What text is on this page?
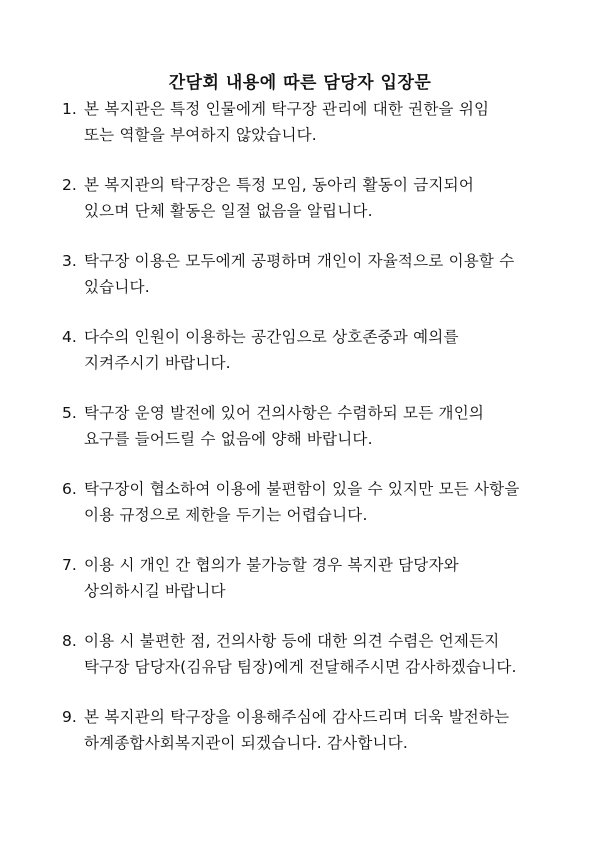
간담회 내용에 따른 담당자 입장문
1. 본 복지관은 특정 인물에게 탁구장 관리에 대한 권한을 위임
또는 역할을 부여하지 않았습니다.
2. 본 복지관의 탁구장은 특정 모임, 동아리 활동이 금지되어
있으며 단체 활동은 일절 없음을 알립니다.
3. 탁구장 이용은 모두에게 공평하며 개인이 자율적으로 이용할 수
있습니다.
4. 다수의 인원이 이용하는 공간임으로 상호존중과 예의를
지켜주시기 바랍니다.
5. 탁구장 운영 발전에 있어 건의사항은 수렴하되 모든 개인의
요구를 들어드릴 수 없음에 양해 바랍니다.
6. 탁구장이 협소하여 이용에 불편함이 있을 수 있지만 모든 사항을
이용 규정으로 제한을 두기는 어렵습니다.
7. 이용 시 개인 간 협의가 불가능할 경우 복지관 담당자와
상의하시길 바랍니다
8. 이용 시 불편한 점, 건의사항 등에 대한 의견 수렴은 언제든지
탁구장 담당자(김유담 팀장)에게 전달해주시면 감사하겠습니다.
9. 본 복지관의 탁구장을 이용해주심에 감사드리며 더욱 발전하는
하계종합사회복지관이 되겠습니다. 감사합니다.
